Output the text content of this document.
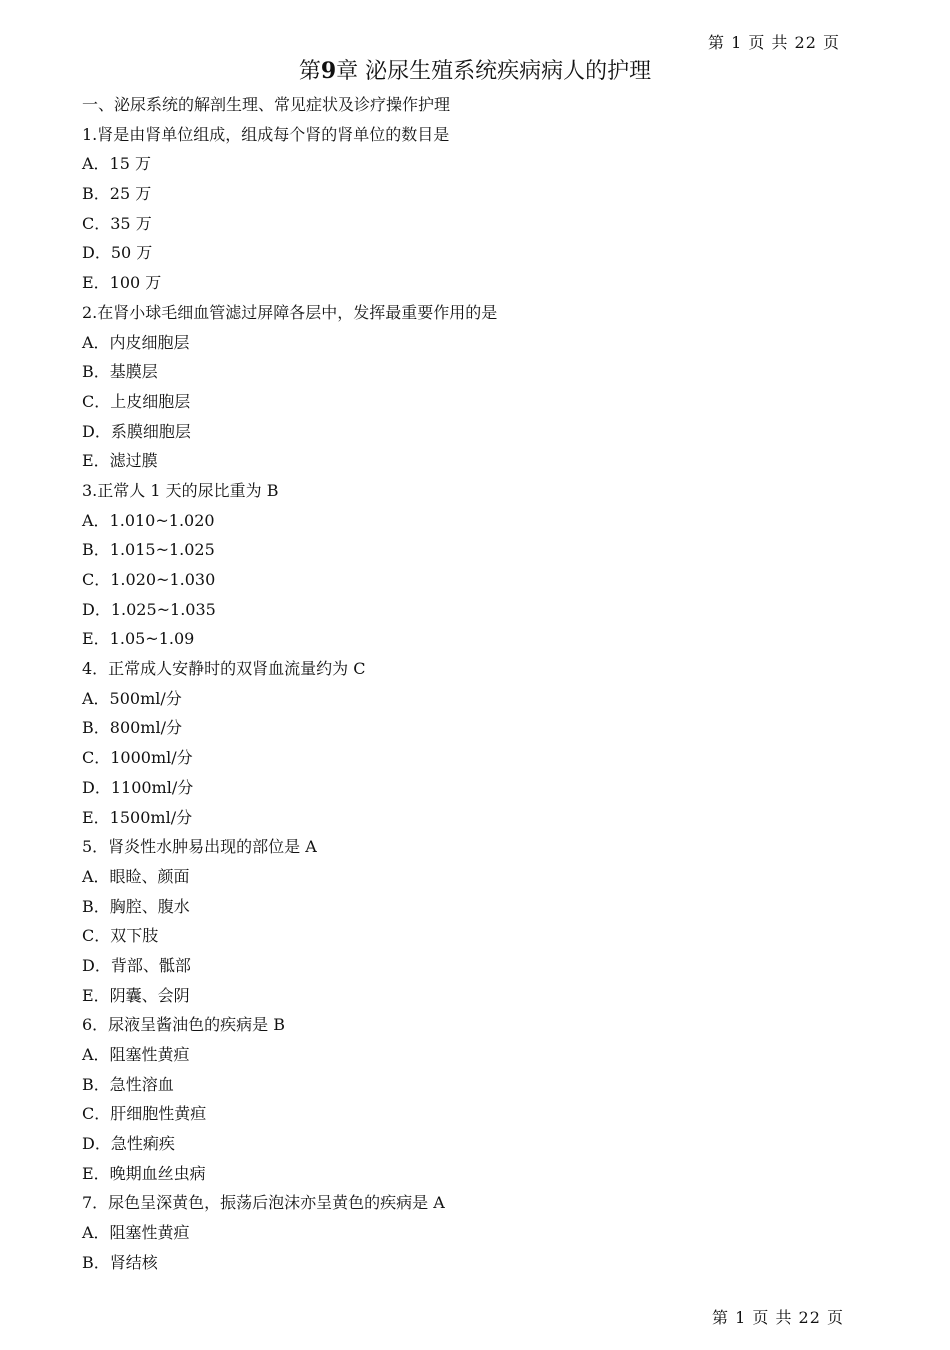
第 1 页 共 22 页
第9章 泌尿生殖系统疾病病人的护理
一、泌尿系统的解剖生理、常见症状及诊疗操作护理
1.肾是由肾单位组成，组成每个肾的肾单位的数目是
A．15 万
B．25 万
C．35 万
D．50 万
E．100 万
2.在肾小球毛细血管滤过屏障各层中，发挥最重要作用的是
A．内皮细胞层
B．基膜层
C．上皮细胞层
D．系膜细胞层
E．滤过膜
3.正常人 1 天的尿比重为 B
A．1.010~1.020
B．1.015~1.025
C．1.020~1.030
D．1.025~1.035
E．1.05~1.09
4．正常成人安静时的双肾血流量约为 C
A．500ml/分
B．800ml/分
C．1000ml/分
D．1100ml/分
E．1500ml/分
5．肾炎性水肿易出现的部位是 A
A．眼睑、颜面
B．胸腔、腹水
C．双下肢
D．背部、骶部
E．阴囊、会阴
6．尿液呈酱油色的疾病是 B
A．阻塞性黄疸
B．急性溶血
C．肝细胞性黄疸
D．急性痢疾
E．晚期血丝虫病
7．尿色呈深黄色，振荡后泡沫亦呈黄色的疾病是 A
A．阻塞性黄疸
B．肾结核
第 1 页 共 22 页
